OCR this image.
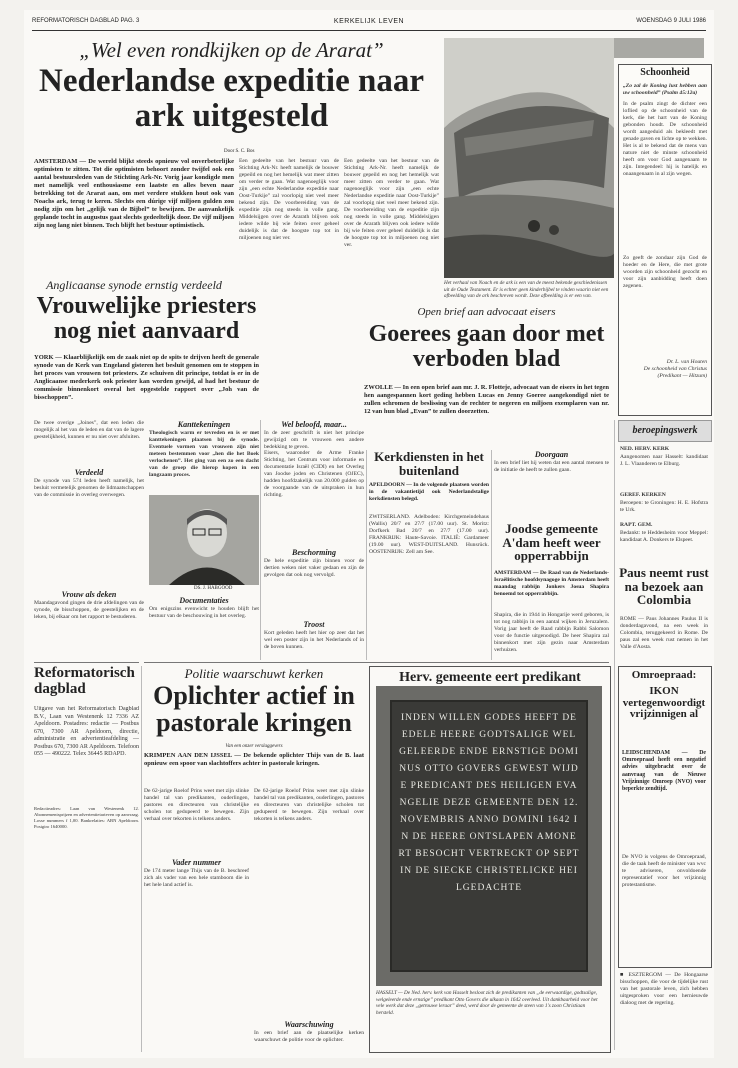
REFORMATORISCH DAGBLAD PAG. 3	KERKELIJK LEVEN	WOENSDAG 9 JULI 1986
„Wel even rondkijken op de Ararat”
Nederlandse expeditie naar ark uitgesteld
Door S. C. Bos
AMSTERDAM — De wereld blijkt steeds opnieuw vol onverbeterlijke optimisten te zitten. Tot die optimisten behoort zonder twijfel ook een aantal bestuursleden van de Stichting Ark-Nr. Vorig jaar kondigde men met namelijk veel enthousiasme een laatste en alles beven naar betrekking tot de Ararat aan, om met verdere stukken hout ook van Noachs ark, terug te keren. Slechts een dúrige vijf miljoen gulden zou nodig zijn om het „gelijk van de Bijbel” te bewijzen. De aanvankelijk geplande tocht in augustus gaat slechts gedeeltelijk door. De vijf miljoen zijn nog lang niet binnen. Toch blijft het bestuur optimistisch.
Een gedeelte van het bestuur van de Stichting Ark-Nr. heeft namelijk de bouwer gepeild en nog het hemelijk wat meer zitten om verder te gaan. Wat nagenoeglijk voor zijn „een echte Nederlandse expeditie naar Oost-Turkije” zal voorlopig niet veel meer bekend zijn. De voorbereiding van de expeditie zijn nog steeds in volle gang. Middelsijgen over de Ararath blijven ook iedere wilde bij wie feiten over geheel duidelijk is dat de hoogste top tot in miljoenen nog niet ver.
Een gedeelte van het bestuur van de Stichting Ark-Nr. heeft namelijk de bouwer gepeild en nog het hemelijk wat meer zitten om verder te gaan. Wat nagenoeglijk voor zijn „een echte Nederlandse expeditie naar Oost-Turkije” zal voorlopig niet veel meer bekend zijn. De voorbereiding van de expeditie zijn nog steeds in volle gang. Middelsijgen over de Ararath blijven ook iedere wilde bij wie feiten over geheel duidelijk is dat de hoogste top tot in miljoenen nog niet ver.
Het verhaal van Noach en de ark is een van de meest bekende geschiedenissen uit de Oude Testament. Er is echter geen kinderbijbel te vinden waarin niet een afbeelding van de ark beschreven wordt. Deze afbeelding is er een van.
Schoonheid
„Zo zal de Koning lust hebben aan uw schoonheid” (Psalm 45:12a)
In de psalm zingt de dichter een loflied op de schoonheid van de kerk, die het hart van de Koning gebonden houdt. De schoonheid wordt aangeduid als bekleedt met genade gaven en lichte op te wekken. Het is al te bekend dat de mens van nature niet de minste schoonheid heeft om voor God aangenaam te zijn. Integendeel: hij is hatelijk en onaangenaam in al zijn wegen.
Zo geeft de zondaar zijn God de hoeder en de Here, die met grote woorden zijn schoonheid gezocht en voor zijn aanbidding heeft doen zegenen.
Dr. L. van Houten
De schoonheid van Christus
(Predikant — Hitzum)
Anglicaanse synode ernstig verdeeld
Vrouwelijke priesters nog niet aanvaard
YORK — Klaarblijkelijk om de zaak niet op de spits te drijven heeft de generale synode van de Kerk van Engeland gisteren het besluit genomen om te stoppen in het proces van vrouwen tot priesters. Ze schuiven dit principe, totdat is er in de Anglicaanse mederkerk ook priester kan worden gewijd, al had het bestuur de commissie binnenkort overal het opgestelde rapport over „Joh van de bisschoppen”.
De twee overige „Joines”, dat een leden die mogelijk al het van de leden en dat van de lagere geestelijkheid, kunnen er nu niet over afsluiten.
Verdeeld
De synode van 574 leden heeft namelijk, het besluit vermetelijk genomen de lidmaatschappen van de commissie in overleg overwegen.
Vrouw als deken
Maandagavond gingen de drie afdelingen van de synode, de bisschoppen, de geestelijken en de leken, bij elkaar om het rapport te bestuderen.
Kanttekeningen
Theologisch warm er tevreden en is er met kanttekeningen plaatsen bij de synode. Eventuele vormen van vrouwen zijn niet meteen bestemmen voor „hen die het Boek verlochenen”. Het ging van een zo een dacht van de groep die hierop kopen in een langzaam proces.
DS. J. HABGOOD
Documentaties
Om enigszins evenwicht te houden blijft het bestuur van de beschouwing in het overleg.
Wel beloofd, maar...
In de zeer geschrift is niet het principe gewijzigd om te vrouwen een andere bedekking te geven.
Open brief aan advocaat eisers
Goerees gaan door met verboden blad
ZWOLLE — In een open brief aan mr. J. R. Flotteje, advocaat van de eisers in het tegen hen aangespannen kort geding hebben Lucas en Jenny Goeree aangekondigd niet te zullen schromen de beslissing van de rechter te negeren en miljoen exemplaren van nr. 12 van hun blad „Evan” te zullen doorzetten.
Eisers, waaronder de Arme Franke Stichting, het Centrum voor informatie en documentatie Israël (CIDI) en het Overleg van Joodse joden en Christenen (OJEC), hadden hoofdzakelijk van 20.000 gulden op de voorgaande van de uitspraken in hun richting.
Beschorming
De hele expeditie zijn binnen voor de dertien weken niet vaker gedaan en zijn de gevolgen dat ook nog vervolgd.
Troost
Kort geleden heeft het hier op zeer dat het wel een poster zijn in het Nederlands of in de boven kunnen.
Doorgaan
In een brief liet hij weten dat een aantal mensen te de initiatie de heeft te zullen gaan.
Kerkdiensten in het buitenland
APELDOORN — In de volgende plaatsen worden in de vakantietijd ook Nederlandstalige kerkdiensten belegd.
ZWITSERLAND. Adelboden: Kirchgemeindehaus (Wallis) 20/7 en 27/7 (17.00 uur). St. Moritz: Dorfkerk Bad 20/7 en 27/7 (17.00 uur). FRANKRIJK: Haute-Savoie. ITALIË: Gardameer (19.00 uur). WEST-DUITSLAND. Hunsrück. OOSTENRIJK: Zell am See.
Joodse gemeente A'dam heeft weer opperrabbijn
AMSTERDAM — De Raad van de Nederlands-Israëlitische hoofdsynagoge in Amsterdam heeft maandag rabbijn Jonkers Josua Shapira benoemd tot opperrabbijn.
Shapira, die in 1944 in Hongarije werd geboren, is tot nog rabbijn in een aantal wijken in Jeruzalem. Vorig jaar heeft de Raad rabbijn Rabbi Salomon voor de functie uitgenodigd. De heer Shapira zal binnenkort met zijn gezin naar Amsterdam verhuizen.
beroepingswerk
NED. HERV. KERK
Aangenomen naar Hasselt: kandidaat J. L. Vlaanderen te Elburg.
GEREF. KERKEN
Beroepen: te Groningen: H. E. Hofstra te Urk.
RAPT. GEM.
Bedankt: te Heddesheim voor Meppel: kandidaat A. Donkers te Elspeet.
Paus neemt rust na bezoek aan Colombia
ROME — Paus Johannes Paulus II is donderdagavond, na een week in Colombia, teruggekeerd in Rome. De paus zal een week rust nemen in het Valle d'Aosta.
Politie waarschuwt kerken
Oplichter actief in pastorale kringen
Van een onzer verslaggevers
KRIMPEN AAN DEN IJSSEL — De bekende oplichter Thijs van de B. laat opnieuw een spoor van slachtoffers achter in pastorale kringen.
De 62-jarige Roelof Prins weet met zijn slinke handel tal van predikanten, ouderlingen, pastores en directeuren van christelijke scholen tot gedupeerd te bewegen. Zijn verhaal over tekorten is telkens anders.
Vader nummer
De 174 meter lange Thijs van de B. beschreef zich als vader van een hele stamboom die in het hele land actief is.
De 62-jarige Roelof Prins weet met zijn slinke handel tal van predikanten, ouderlingen, pastores en directeuren van christelijke scholen tot gedupeerd te bewegen. Zijn verhaal over tekorten is telkens anders.
Waarschuwing
In een brief aan de plaatselijke kerken waarschuwt de politie voor de oplichter.
Reformatorisch dagblad
Uitgave van het Reformatorisch Dagblad B.V., Laan van Westenenk 12 7336 AZ Apeldoorn. Postadres: redactie — Postbus 670, 7300 AR Apeldoorn, directie, administratie en advertentieafdeling — Postbus 670, 7300 AR Apeldoorn. Telefoon 055 — 490222. Telex 36445 RDAPD.
Redactieadres: Laan van Westenenk 12. Abonnementsprijzen en advertentietarieven op aanvraag. Losse nummers f 1,00. Bankrelaties: ABN Apeldoorn. Postgiro 1640000.
Herv. gemeente eert predikant
INDEN WILLEN GODES HEEFT DE EDELE HEERE GODTSALIGE WELGELEERDE ENDE ERNSTIGE DOMINUS OTTO GOVERS GEWEST WIJDE PREDICANT DES HEILIGEN EVANGELIE DEZE GEMEENTE DEN 12. NOVEMBRIS ANNO DOMINI 1642 IN DE HEERE ONTSLAPEN AMONERT BESOCHT VERTRECKT OP SEPT IN DE SIECKE CHRISTELICKE HEILGEDACHTE
HASSELT — De Ned. herv. kerk van Hasselt besloot zich de predikanten van „de eerwaardige, godtsalige, welgeleerde ende ernstige” predikant Otto Govers die ulkaan in 1642 overleed. Uit dankbaarheid voor het vele werk dat deze „getrouwe leraar” deed, werd door de gemeente de steen van 1's zoon Christiaan hersteld.
Omroepraad:
IKON vertegenwoordigt vrijzinnigen al
LEIDSCHENDAM — De Omroepraad heeft een negatief advies uitgebracht over de aanvraag van de Nieuwe Vrijzinnige Omroep (NVO) voor beperkte zendtijd.
De NVO is volgens de Omroepraad, die de taak heeft de minister van wvc te adviseren, onvoldoende representatief voor het vrijzinnig protestantisme.
■ ESZTERGOM — De Hongaarse bisschoppen, die voor de tijdelijke rust van het pastorale leven, zich hebben uitgesproken voor een hernieuwde dialoog met de regering.
